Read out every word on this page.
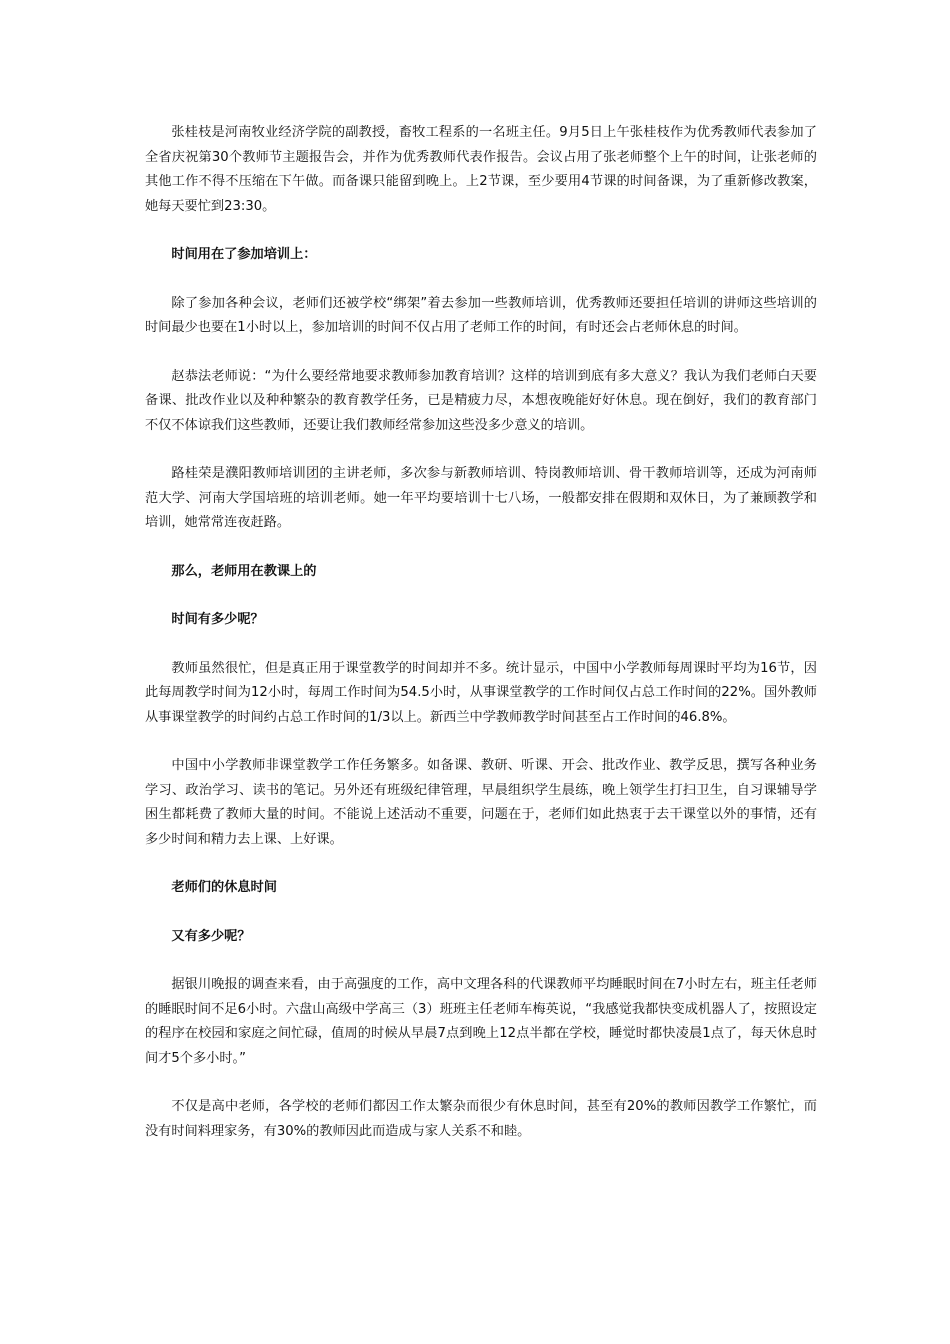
张桂枝是河南牧业经济学院的副教授，畜牧工程系的一名班主任。9月5日上午张桂枝作为优秀教师代表参加了全省庆祝第30个教师节主题报告会，并作为优秀教师代表作报告。会议占用了张老师整个上午的时间，让张老师的其他工作不得不压缩在下午做。而备课只能留到晚上。上2节课，至少要用4节课的时间备课，为了重新修改教案，她每天要忙到23:30。

时间用在了参加培训上：

除了参加各种会议，老师们还被学校“绑架”着去参加一些教师培训，优秀教师还要担任培训的讲师这些培训的时间最少也要在1小时以上，参加培训的时间不仅占用了老师工作的时间，有时还会占老师休息的时间。

赵恭法老师说：“为什么要经常地要求教师参加教育培训？这样的培训到底有多大意义？我认为我们老师白天要备课、批改作业以及种种繁杂的教育教学任务，已是精疲力尽，本想夜晚能好好休息。现在倒好，我们的教育部门不仅不体谅我们这些教师，还要让我们教师经常参加这些没多少意义的培训。

路桂荣是濮阳教师培训团的主讲老师，多次参与新教师培训、特岗教师培训、骨干教师培训等，还成为河南师范大学、河南大学国培班的培训老师。她一年平均要培训十七八场，一般都安排在假期和双休日，为了兼顾教学和培训，她常常连夜赶路。

那么，老师用在教课上的

时间有多少呢？

教师虽然很忙，但是真正用于课堂教学的时间却并不多。统计显示，中国中小学教师每周课时平均为16节，因此每周教学时间为12小时，每周工作时间为54.5小时，从事课堂教学的工作时间仅占总工作时间的22%。国外教师从事课堂教学的时间约占总工作时间的1/3以上。新西兰中学教师教学时间甚至占工作时间的46.8%。

中国中小学教师非课堂教学工作任务繁多。如备课、教研、听课、开会、批改作业、教学反思，撰写各种业务学习、政治学习、读书的笔记。另外还有班级纪律管理，早晨组织学生晨练，晚上领学生打扫卫生，自习课辅导学困生都耗费了教师大量的时间。不能说上述活动不重要，问题在于，老师们如此热衷于去干课堂以外的事情，还有多少时间和精力去上课、上好课。

老师们的休息时间

又有多少呢？

据银川晚报的调查来看，由于高强度的工作，高中文理各科的代课教师平均睡眠时间在7小时左右，班主任老师的睡眠时间不足6小时。六盘山高级中学高三（3）班班主任老师车梅英说，“我感觉我都快变成机器人了，按照设定的程序在校园和家庭之间忙碌，值周的时候从早晨7点到晚上12点半都在学校，睡觉时都快凌晨1点了，每天休息时间才5个多小时。”

不仅是高中老师，各学校的老师们都因工作太繁杂而很少有休息时间，甚至有20%的教师因教学工作繁忙，而没有时间料理家务，有30%的教师因此而造成与家人关系不和睦。
